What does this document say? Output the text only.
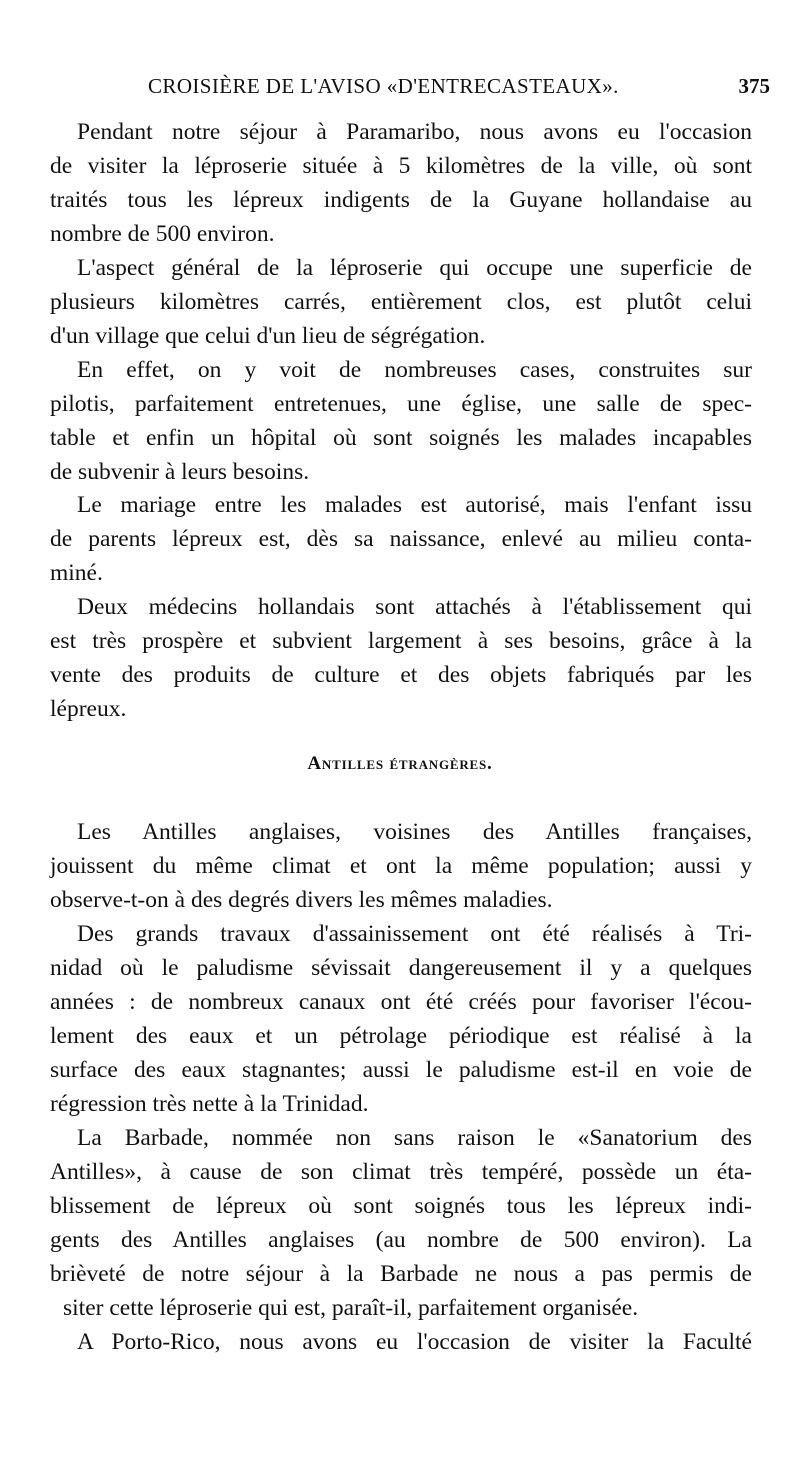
CROISIÈRE DE L'AVISO «D'ENTRECASTEAUX».	375
Pendant notre séjour à Paramaribo, nous avons eu l'occasion
de visiter la léproserie située à 5 kilomètres de la ville, où sont
traités tous les lépreux indigents de la Guyane hollandaise au
nombre de 500 environ.
L'aspect général de la léproserie qui occupe une superficie de
plusieurs kilomètres carrés, entièrement clos, est plutôt celui
d'un village que celui d'un lieu de ségrégation.
En effet, on y voit de nombreuses cases, construites sur
pilotis, parfaitement entretenues, une église, une salle de spec-
table et enfin un hôpital où sont soignés les malades incapables
de subvenir à leurs besoins.
Le mariage entre les malades est autorisé, mais l'enfant issu
de parents lépreux est, dès sa naissance, enlevé au milieu conta-
miné.
Deux médecins hollandais sont attachés à l'établissement qui
est très prospère et subvient largement à ses besoins, grâce à la
vente des produits de culture et des objets fabriqués par les
lépreux.
Antilles étrangères.
Les Antilles anglaises, voisines des Antilles françaises,
jouissent du même climat et ont la même population; aussi y
observe-t-on à des degrés divers les mêmes maladies.
Des grands travaux d'assainissement ont été réalisés à Tri-
nidad où le paludisme sévissait dangereusement il y a quelques
années : de nombreux canaux ont été créés pour favoriser l'écou-
lement des eaux et un pétrolage périodique est réalisé à la
surface des eaux stagnantes; aussi le paludisme est-il en voie de
régression très nette à la Trinidad.
La Barbade, nommée non sans raison le «Sanatorium des
Antilles», à cause de son climat très tempéré, possède un éta-
blissement de lépreux où sont soignés tous les lépreux indi-
gents des Antilles anglaises (au nombre de 500 environ). La
brièveté de notre séjour à la Barbade ne nous a pas permis de
siter cette léproserie qui est, paraît-il, parfaitement organisée.
A Porto-Rico, nous avons eu l'occasion de visiter la Faculté
